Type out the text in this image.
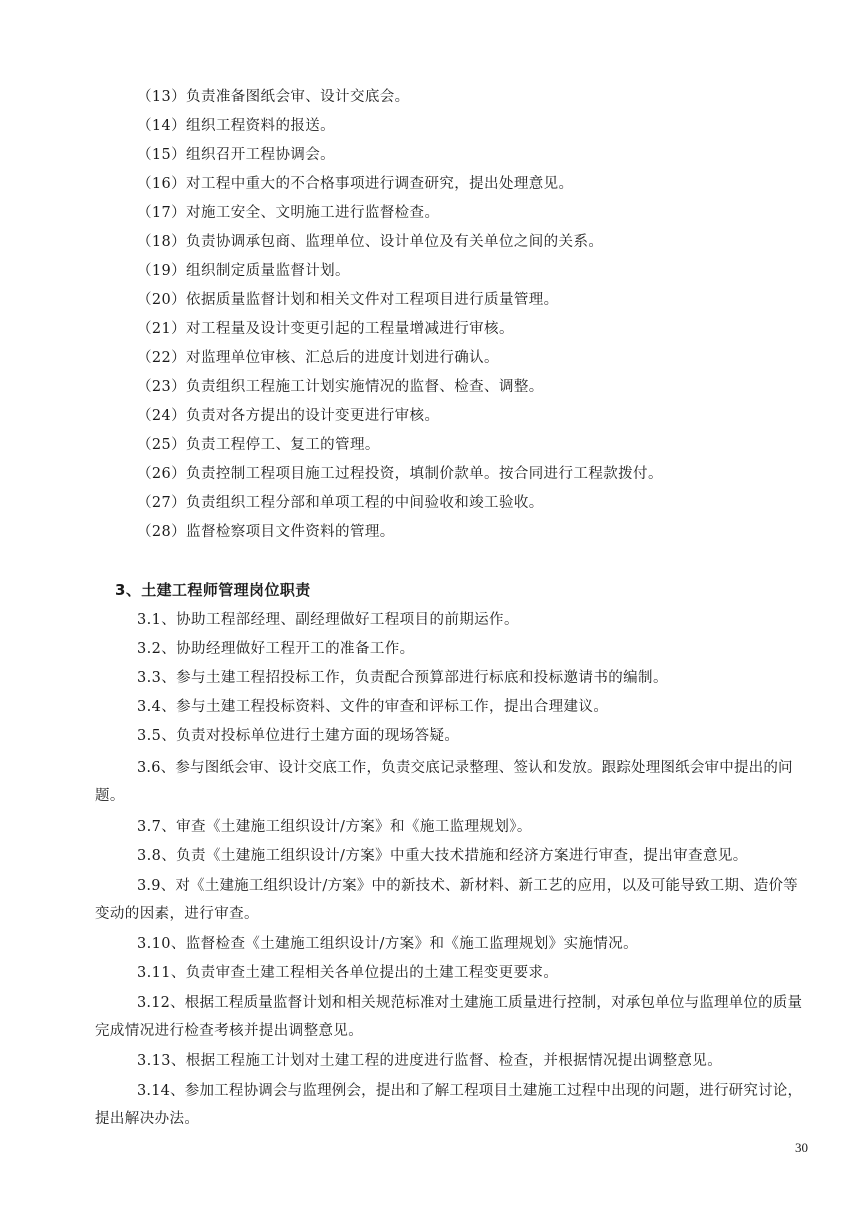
（13）负责准备图纸会审、设计交底会。
（14）组织工程资料的报送。
（15）组织召开工程协调会。
（16）对工程中重大的不合格事项进行调查研究，提出处理意见。
（17）对施工安全、文明施工进行监督检查。
（18）负责协调承包商、监理单位、设计单位及有关单位之间的关系。
（19）组织制定质量监督计划。
（20）依据质量监督计划和相关文件对工程项目进行质量管理。
（21）对工程量及设计变更引起的工程量增减进行审核。
（22）对监理单位审核、汇总后的进度计划进行确认。
（23）负责组织工程施工计划实施情况的监督、检查、调整。
（24）负责对各方提出的设计变更进行审核。
（25）负责工程停工、复工的管理。
（26）负责控制工程项目施工过程投资，填制价款单。按合同进行工程款拨付。
（27）负责组织工程分部和单项工程的中间验收和竣工验收。
（28）监督检察项目文件资料的管理。
3、土建工程师管理岗位职责
3.1、协助工程部经理、副经理做好工程项目的前期运作。
3.2、协助经理做好工程开工的准备工作。
3.3、参与土建工程招投标工作，负责配合预算部进行标底和投标邀请书的编制。
3.4、参与土建工程投标资料、文件的审查和评标工作，提出合理建议。
3.5、负责对投标单位进行土建方面的现场答疑。
3.6、参与图纸会审、设计交底工作，负责交底记录整理、签认和发放。跟踪处理图纸会审中提出的问
题。
3.7、审查《土建施工组织设计/方案》和《施工监理规划》。
3.8、负责《土建施工组织设计/方案》中重大技术措施和经济方案进行审查，提出审查意见。
3.9、对《土建施工组织设计/方案》中的新技术、新材料、新工艺的应用，以及可能导致工期、造价等
变动的因素，进行审查。
3.10、监督检查《土建施工组织设计/方案》和《施工监理规划》实施情况。
3.11、负责审查土建工程相关各单位提出的土建工程变更要求。
3.12、根据工程质量监督计划和相关规范标准对土建施工质量进行控制，对承包单位与监理单位的质量
完成情况进行检查考核并提出调整意见。
3.13、根据工程施工计划对土建工程的进度进行监督、检查，并根据情况提出调整意见。
3.14、参加工程协调会与监理例会，提出和了解工程项目土建施工过程中出现的问题，进行研究讨论，
提出解决办法。
30
